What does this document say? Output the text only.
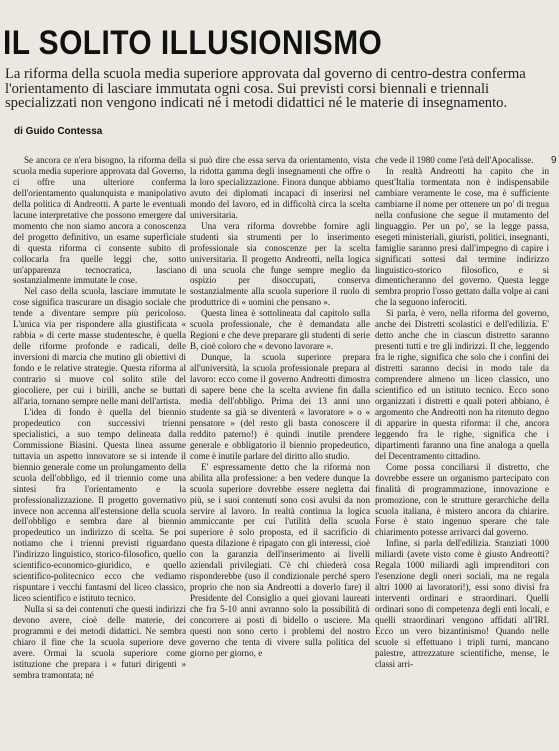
IL SOLITO ILLUSIONISMO

La riforma della scuola media superiore approvata dal governo di centro-destra conferma l'orientamento di lasciare immutata ogni cosa. Sui previsti corsi biennali e triennali specializzati non vengono indicati né i metodi didattici né le materie di insegnamento.

di Guido Contessa
9

Se ancora ce n'era bisogno, la riforma della scuola media superiore approvata dal Governo, ci offre una ulteriore conferma dell'orientamento qualunquista e manipolativo della politica di Andreotti. A parte le eventuali lacune interpretative che possono emergere dal momento che non siamo ancora a conoscenza del progetto definitivo, un esame superficiale di questa riforma ci consente subito di collocarla fra quelle leggi che, sotto un'apparenza tecnocratica, lasciano sostanzialmente immutate le cose.

Nel caso della scuola, lasciare immutate le cose significa trascurare un disagio sociale che tende a diventare sempre più pericoloso. L'unica via per rispondere alla giustificata « rabbia » di certe masse studentesche, è quella delle riforme profonde e radicali, delle inversioni di marcia che mutino gli obiettivi di fondo e le relative strategie. Questa riforma al contrario si muove col solito stile del giocoliere, per cui i birilli, anche se buttati all'aria, tornano sempre nelle mani dell'artista.

L'idea di fondo è quella del biennio propedeutico con successivi trienni specialistici, a suo tempo delineata dalla Commissione Biasini. Questa linea assume tuttavia un aspetto innovatore se si intende il biennio generale come un prolungamento della scuola dell'obbligo, ed il triennio come una sintesi fra l'orientamento e la professionalizzazione. Il progetto governativo invece non accenna all'estensione della scuola dell'obbligo e sembra dare al biennio propedeutico un indirizzo di scelta. Se poi notiamo che i trienni previsti riguardano l'indirizzo linguistico, storico-filosofico, quello scientifico-economico-giuridico, e quello scientifico-politecnico ecco che vediamo rispuntare i vecchi fantasmi del liceo classico, liceo scientifico e istituto tecnico.

Nulla si sa dei contenuti che questi indirizzi devono avere, cioè delle materie, dei programmi e dei metodi didattici. Ne sembra chiaro il fine che la scuola superiore deve avere. Ormai la scuola superiore come istituzione che prepara i « futuri dirigenti » sembra tramontata; né

si può dire che essa serva da orientamento, vista la ridotta gamma degli insegnamenti che offre o la loro specializzazione. Finora dunque abbiamo avuto dei diplomati incapaci di inserirsi nel mondo del lavoro, ed in difficoltà circa la scelta universitaria.

Una vera riforma dovrebbe fornire agli studenti sia strumenti per lo inserimento professionale sia conoscenze per la scelta universitaria. Il progetto Andreotti, nella logica di una scuola che funge sempre meglio da ospizio per disoccupati, conserva sostanzialmente alla scuola superiore il ruolo di produttrice di « uomini che pensano ».

Questa linea è sottolineata dal capitolo sulla scuola professionale, che è demandata alle Regioni e che deve preparare gli studenti di serie B, cioè coloro che « devono lavorare ».

Dunque, la scuola superiore prepara all'università, la scuola professionale prepara al lavoro: ecco come il governo Andreotti dimostra di sapere bene che la scelta avviene fin dalla media dell'obbligo. Prima dei 13 anni uno studente sa già se diventerà « lavoratore » o « pensatore » (del resto gli basta conoscere il reddito paterno!) è quindi inutile prendere generale e obbligatorio il biennio propedeutico, come è inutile parlare del diritto allo studio.

E' espressamente detto che la riforma non abilita alla professione: a ben vedere dunque la scuola superiore dovrebbe essere negletta dai più, se i suoi contenuti sono così avulsi da non servire al lavoro. In realtà continua la logica ammiccante per cui l'utilità della scuola superiore è solo proposta, ed il sacrificio di questa dilazione è ripagato con gli interessi, cioè con la garanzia dell'inserimento ai livelli aziendali privilegiati. C'è chi chiederà cosa risponderebbe (uso il condizionale perché spero proprio che non sia Andreotti a doverlo fare) il Presidente del Consiglio a quei giovani laureati che fra 5-10 anni avranno solo la possibilità di concorrere ai posti di bidello o usciere. Ma questi non sono certo i problemi del nostro governo che tenta di vivere sulla politica del giorno per giorno, e

che vede il 1980 come l'età dell'Apocalisse.

In realtà Andreotti ha capito che in quest'Italia tormentata non è indispensabile cambiare veramente le cose, ma è sufficiente cambiarne il nome per ottenere un po' di tregua nella confusione che segue il mutamento del linguaggio. Per un po', se la legge passa, esegeti ministeriali, giuristi, politici, insegnanti, famiglie saranno presi dall'impegno di capire i significati sottesi dal termine indirizzo linguistico-storico filosofico, e si dimenticheranno del governo. Questa legge sembra proprio l'osso gettato dalla volpe ai cani che la seguono inferociti.

Si parla, è vero, nella riforma del governo, anche dei Distretti scolastici e dell'edilizia. E' detto anche che in ciascun distretto saranno presenti tutti e tre gli indirizzi. Il che, leggendo fra le righe, significa che solo che i confini dei distretti saranno decisi in modo tale da comprendere almeno un liceo classico, uno scientifico ed un istituto tecnico. Ecco sono organizzati i distretti e quali poteri abbiano, è argomento che Andreotti non ha ritenuto degno di apparire in questa riforma: il che, ancora leggendo fra le righe, significa che i dipartimenti faranno una fine analoga a quella del Decentramento cittadino.

Come possa conciliarsi il distretto, che dovrebbe essere un organismo partecipato con finalità di programmazione, innovazione e promozione, con le strutture gerarchiche della scuola italiana, è mistero ancora da chiarire. Forse è stato ingenuo sperare che tale chiarimento potesse arrivarci dal governo.

Infine, si parla dell'edilizia. Stanziati 1000 miliardi (avete visto come è giusto Andreotti? Regala 1000 miliardi agli imprenditori con l'esenzione degli oneri sociali, ma ne regala altri 1000 ai lavoratori!), essi sono divisi fra interventi ordinari e straordinari. Quelli ordinari sono di competenza degli enti locali, e quelli straordinari vengono affidati all'IRI. Ecco un vero bizantinismo! Quando nelle scuole si effettuano i tripli turni, mancano palestre, attrezzature scientifiche, mense, le classi arri-
